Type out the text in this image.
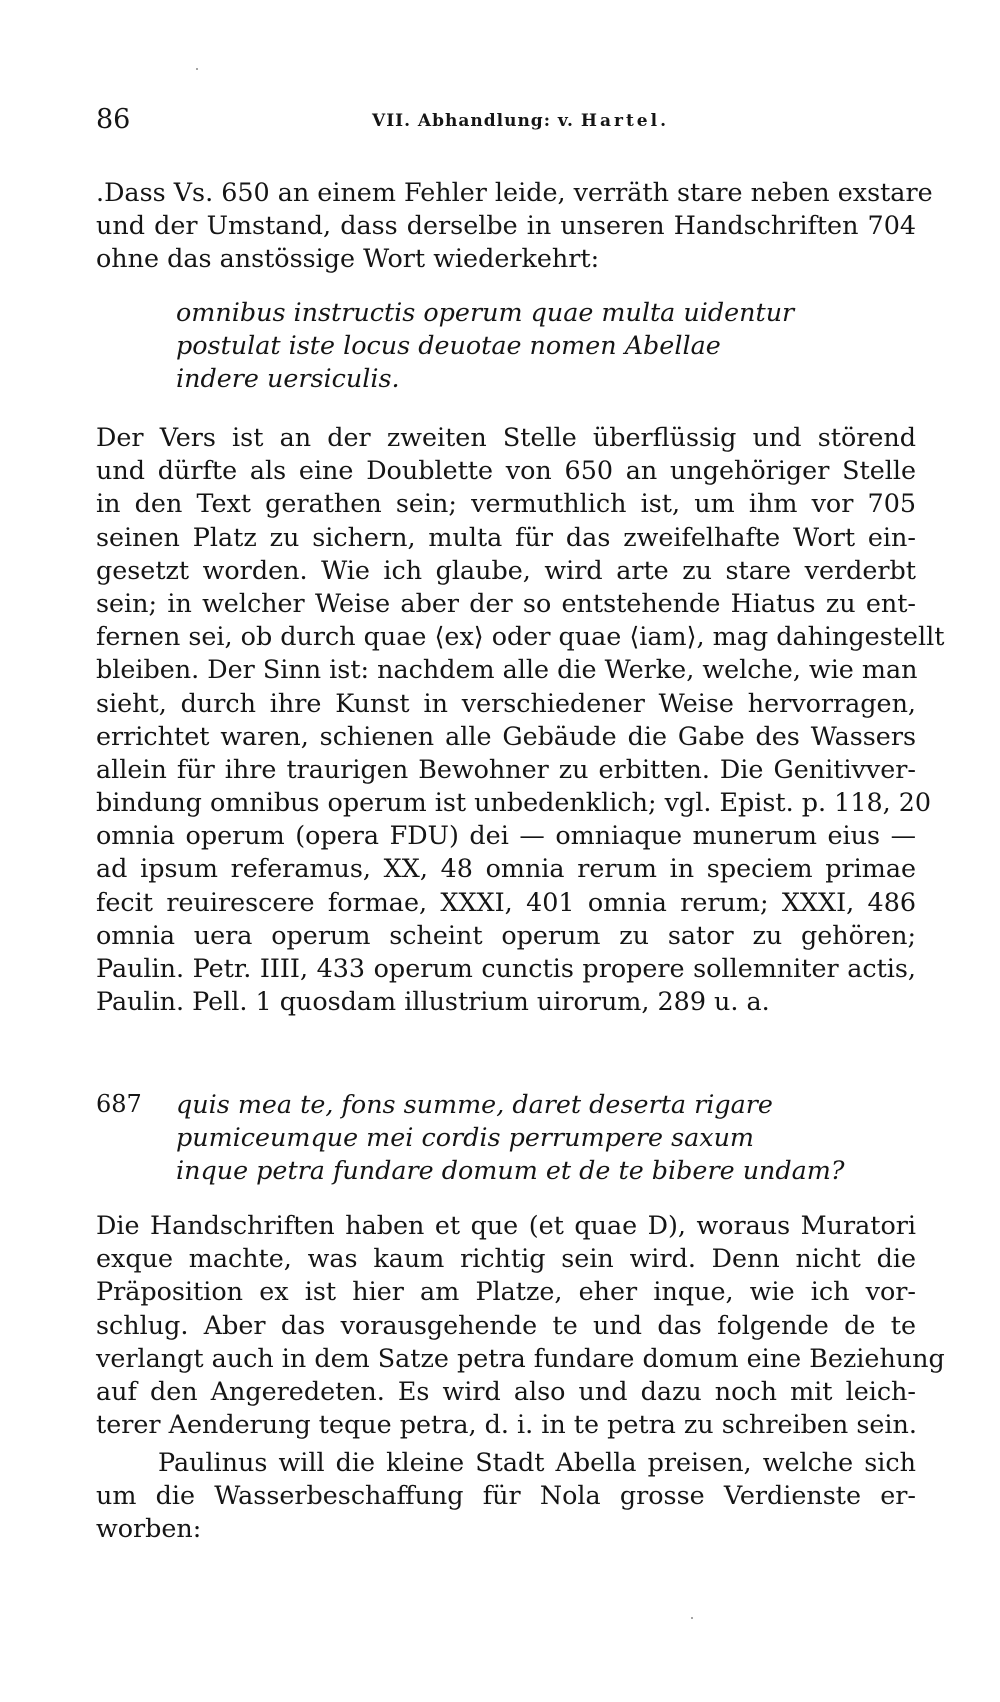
86	VII. Abhandlung: v. Hartel.
.Dass Vs. 650 an einem Fehler leide, verräth stare neben exstare
und der Umstand, dass derselbe in unseren Handschriften 704
ohne das anstössige Wort wiederkehrt:
omnibus instructis operum quae multa uidentur
postulat iste locus deuotae nomen Abellae
indere uersiculis.
Der Vers ist an der zweiten Stelle überflüssig und störend
und dürfte als eine Doublette von 650 an ungehöriger Stelle
in den Text gerathen sein; vermuthlich ist, um ihm vor 705
seinen Platz zu sichern, multa für das zweifelhafte Wort ein-
gesetzt worden. Wie ich glaube, wird arte zu stare verderbt
sein; in welcher Weise aber der so entstehende Hiatus zu ent-
fernen sei, ob durch quae ⟨ex⟩ oder quae ⟨iam⟩, mag dahingestellt
bleiben. Der Sinn ist: nachdem alle die Werke, welche, wie man
sieht, durch ihre Kunst in verschiedener Weise hervorragen,
errichtet waren, schienen alle Gebäude die Gabe des Wassers
allein für ihre traurigen Bewohner zu erbitten. Die Genitivver-
bindung omnibus operum ist unbedenklich; vgl. Epist. p. 118, 20
omnia operum (opera FDU) dei — omniaque munerum eius —
ad ipsum referamus, XX, 48 omnia rerum in speciem primae
fecit reuirescere formae, XXXI, 401 omnia rerum; XXXI, 486
omnia uera operum scheint operum zu sator zu gehören;
Paulin. Petr. IIII, 433 operum cunctis propere sollemniter actis,
Paulin. Pell. 1 quosdam illustrium uirorum, 289 u. a.
687 quis mea te, fons summe, daret deserta rigare
pumiceumque mei cordis perrumpere saxum
inque petra fundare domum et de te bibere undam?
Die Handschriften haben et que (et quae D), woraus Muratori
exque machte, was kaum richtig sein wird. Denn nicht die
Präposition ex ist hier am Platze, eher inque, wie ich vor-
schlug. Aber das vorausgehende te und das folgende de te
verlangt auch in dem Satze petra fundare domum eine Beziehung
auf den Angeredeten. Es wird also und dazu noch mit leich-
terer Aenderung teque petra, d. i. in te petra zu schreiben sein.
Paulinus will die kleine Stadt Abella preisen, welche sich
um die Wasserbeschaffung für Nola grosse Verdienste er-
worben:
